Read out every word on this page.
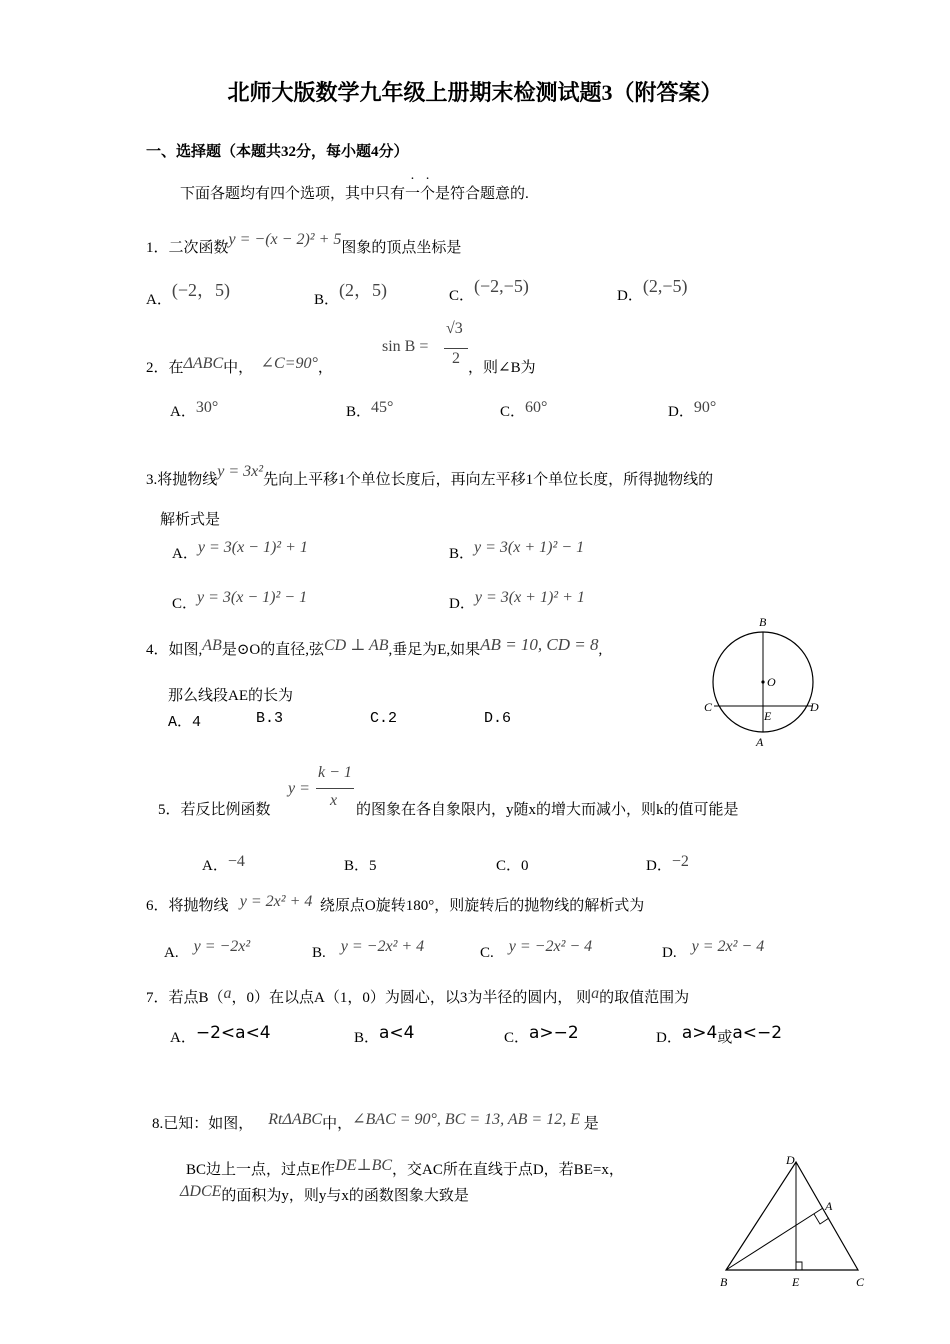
北师大版数学九年级上册期末检测试题3（附答案）
一、选择题（本题共32分，每小题4分）
下面各题均有四个选项，其中只有一个是符合题意的.
1．二次函数y = −(x − 2)² + 5图象的顶点坐标是
A．(−2，5)	B．(2，5)	C．(−2,−5)	D．(2,−5)
2．在ΔABC中， ∠C=90°，
sin B =
√3
2
，则∠B为
A．30°	B．45°	C．60°	D．90°
3.将抛物线y = 3x²先向上平移1个单位长度后，再向左平移1个单位长度，所得抛物线的
解析式是
A．y = 3(x − 1)² + 1	B．y = 3(x + 1)² − 1
C．y = 3(x − 1)² − 1	D．y = 3(x + 1)² + 1
4．如图,AB是⊙O的直径,弦CD ⊥ AB,垂足为E,如果AB = 10, CD = 8,
那么线段AE的长为
A．4	B.3	C.2	D.6
B
O
C
E
D
A
5．若反比例函数
y =
k − 1
x
的图象在各自象限内，y随x的增大而减小，则k的值可能是
A．−4	B．5	C．0	D．−2
6．将抛物线 y = 2x² + 4 绕原点O旋转180°，则旋转后的抛物线的解析式为
A. y = −2x²	B. y = −2x² + 4	C. y = −2x² − 4	D. y = 2x² − 4
7．若点B（a，0）在以点A（1，0）为圆心，以3为半径的圆内， 则a的取值范围为
A．−2<a<4	B．a<4	C．a>−2	D．a>4或a<−2
8.已知：如图， RtΔABC中，∠BAC = 90°, BC = 13, AB = 12, E 是
BC边上一点，过点E作DE⊥BC，交AC所在直线于点D，若BE=x，
ΔDCE的面积为y，则y与x的函数图象大致是
D
A
B	E	C
